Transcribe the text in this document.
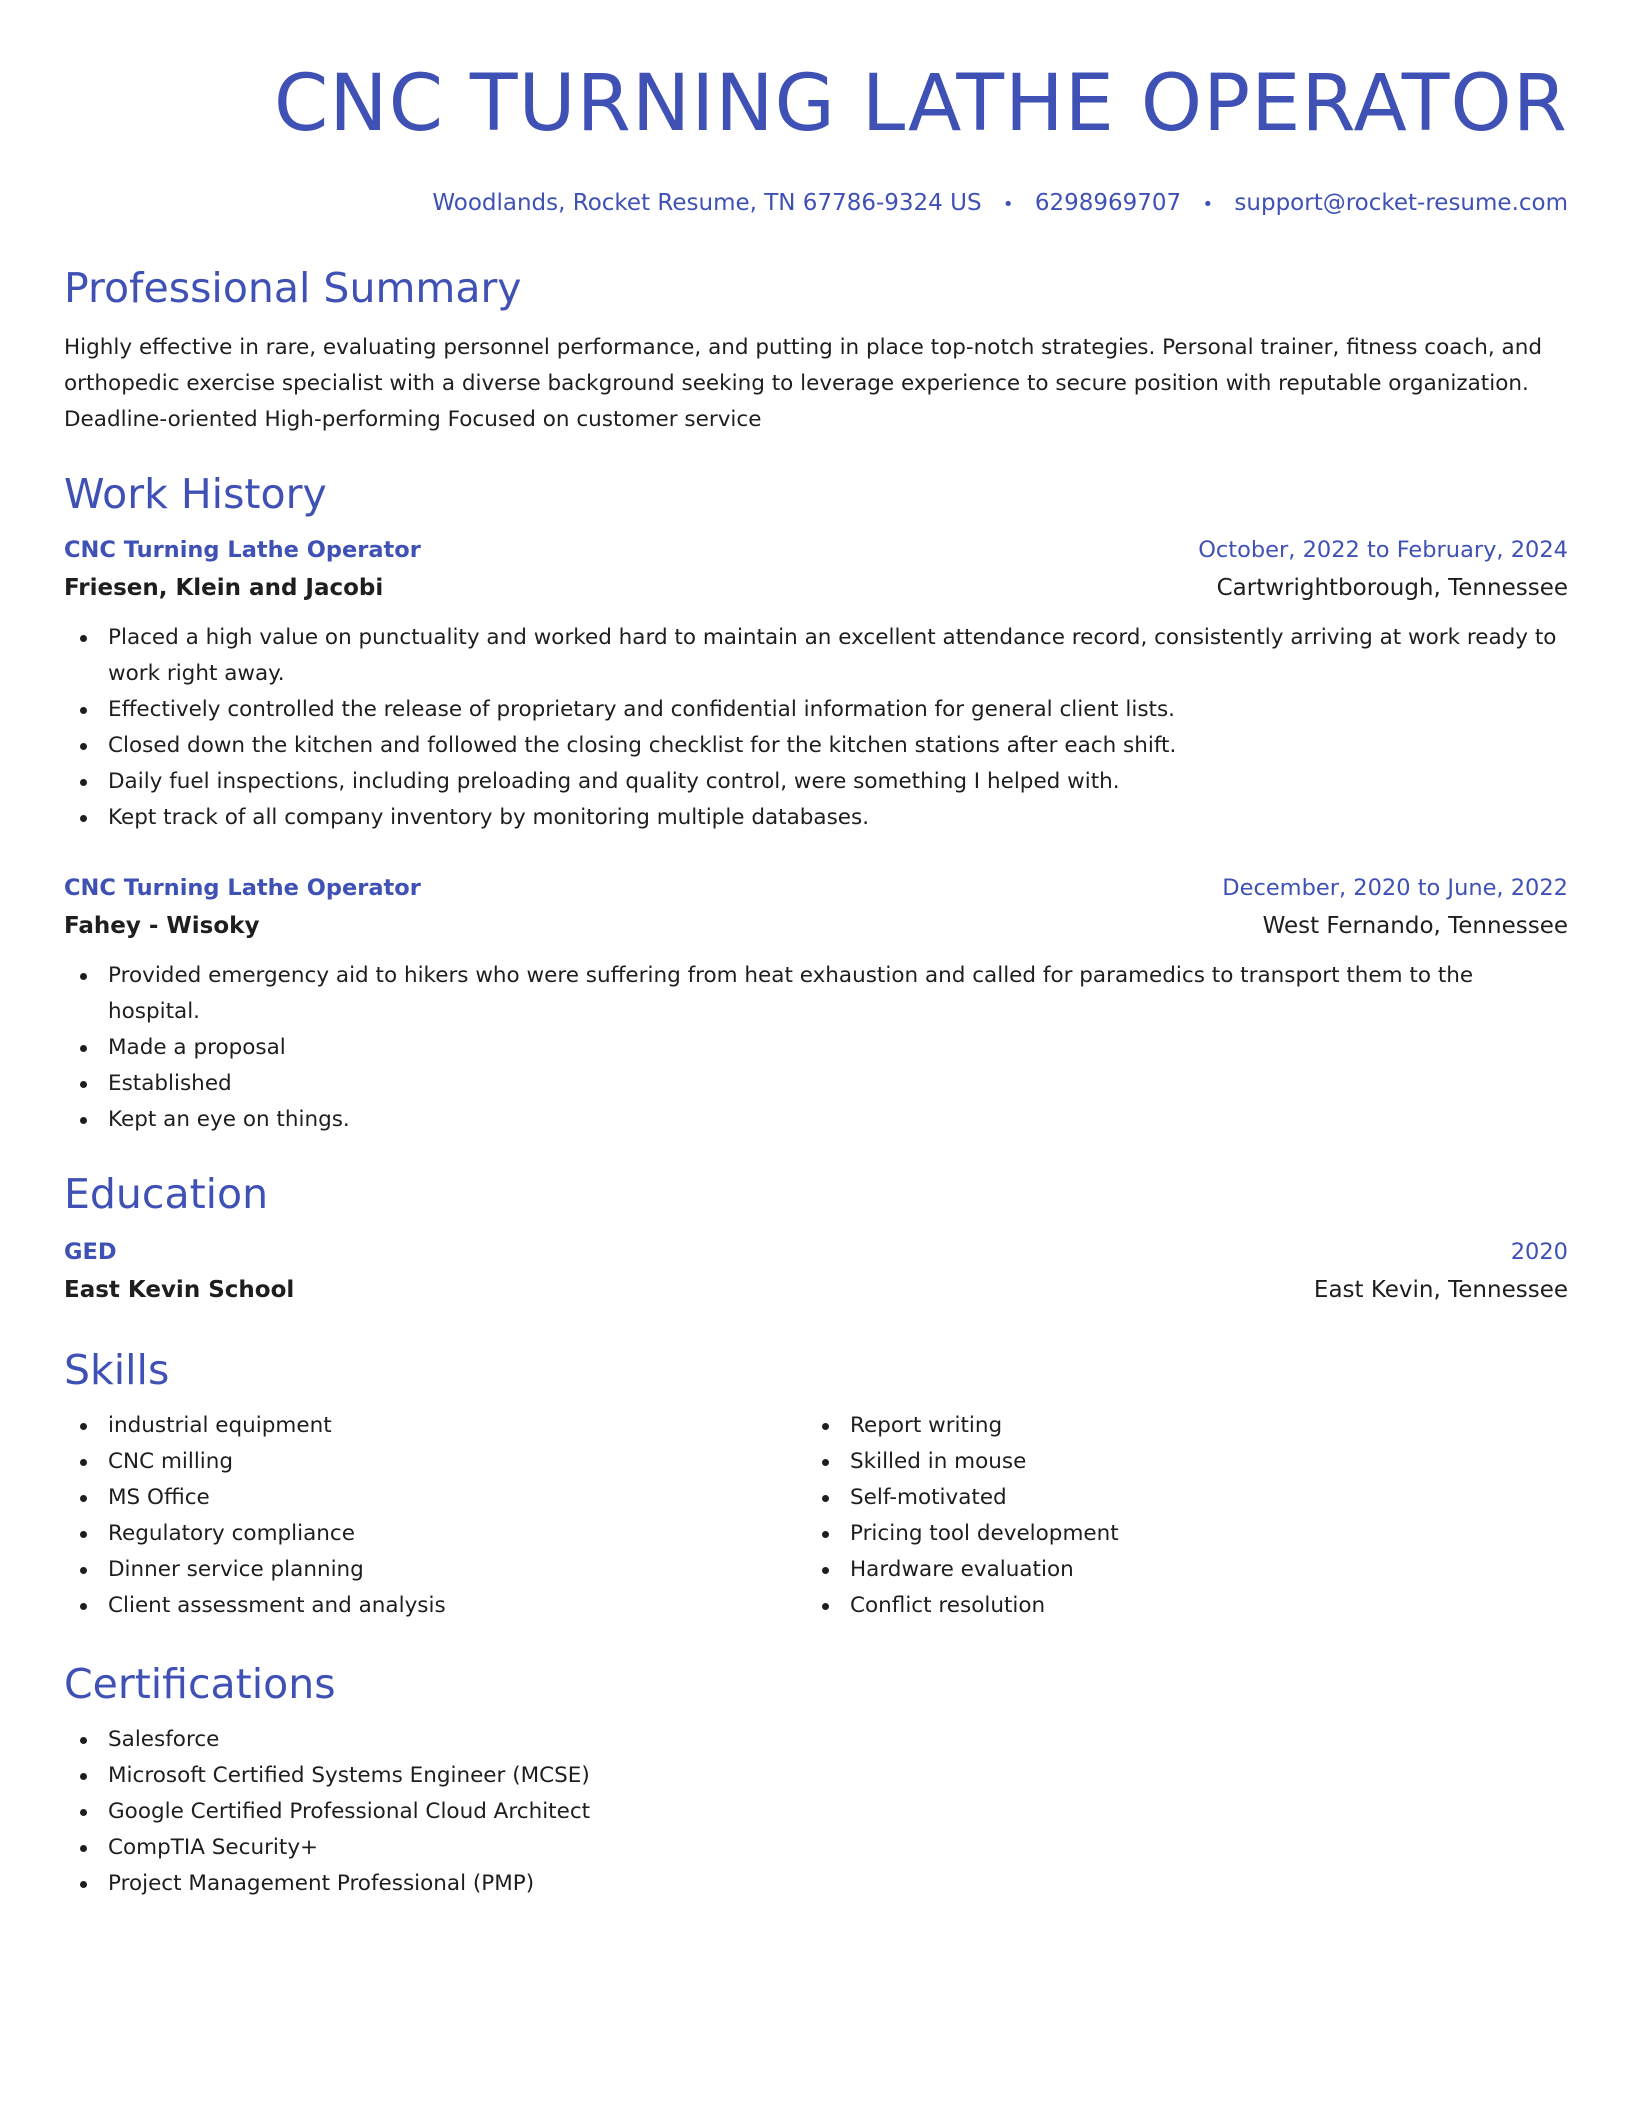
CNC TURNING LATHE OPERATOR
Woodlands, Rocket Resume, TN 67786-9324 US • 6298969707 • support@rocket-resume.com
Professional Summary

Highly effective in rare, evaluating personnel performance, and putting in place top-notch strategies. Personal trainer, fitness coach, and orthopedic exercise specialist with a diverse background seeking to leverage experience to secure position with reputable organization. Deadline-oriented High-performing Focused on customer service

Work History
CNC Turning Lathe Operator	October, 2022 to February, 2024
Friesen, Klein and Jacobi	Cartwrightborough, Tennessee
Placed a high value on punctuality and worked hard to maintain an excellent attendance record, consistently arriving at work ready to work right away.
Effectively controlled the release of proprietary and confidential information for general client lists.
Closed down the kitchen and followed the closing checklist for the kitchen stations after each shift.
Daily fuel inspections, including preloading and quality control, were something I helped with.
Kept track of all company inventory by monitoring multiple databases.
CNC Turning Lathe Operator	December, 2020 to June, 2022
Fahey - Wisoky	West Fernando, Tennessee
Provided emergency aid to hikers who were suffering from heat exhaustion and called for paramedics to transport them to the hospital.
Made a proposal
Established
Kept an eye on things.
Education
GED	2020
East Kevin School	East Kevin, Tennessee
Skills
industrial equipment
CNC milling
MS Office
Regulatory compliance
Dinner service planning
Client assessment and analysis
Report writing
Skilled in mouse
Self-motivated
Pricing tool development
Hardware evaluation
Conflict resolution
Certifications
Salesforce
Microsoft Certified Systems Engineer (MCSE)
Google Certified Professional Cloud Architect
CompTIA Security+
Project Management Professional (PMP)
